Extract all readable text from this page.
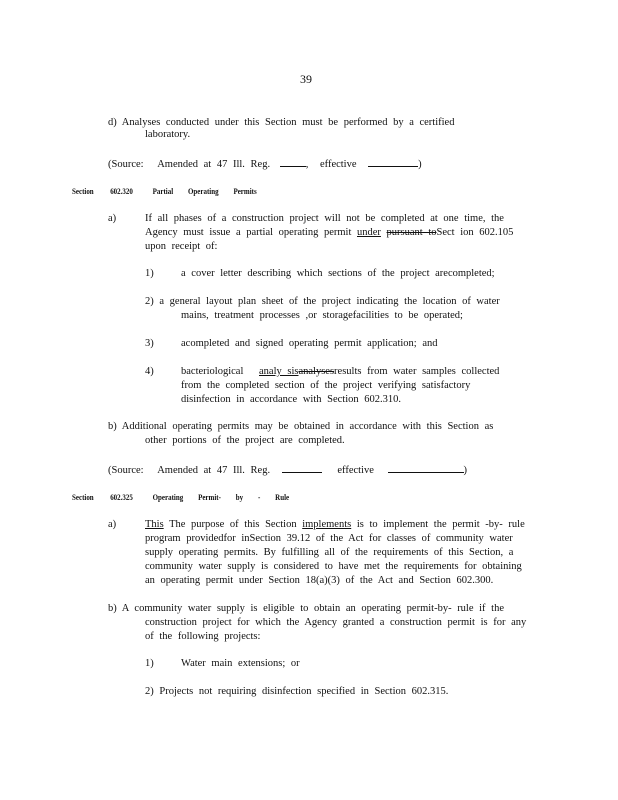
39
d) Analyses conducted under this Section must be performed by a certified
laboratory.
(Source: Amended at 47 Ill. Reg.	, effective	)
Section 602.320 Partial Operating Permits
a)	If all phases of a construction project will not be completed at one time, the
Agency must issue a partial operating permit under pursuant toSect ion 602.105
upon receipt of:
1)	a cover letter describing which sections of the project arecompleted;
2) a general layout plan sheet of the project indicating the location of water
mains, treatment processes ,or storagefacilities to be operated;
3)	acompleted and signed operating permit application; and
4)	bacteriological analy sisanalysesresults from water samples collected
from the completed section of the project verifying satisfactory
disinfection in accordance with Section 602.310.
b) Additional operating permits may be obtained in accordance with this Section as
other portions of the project are completed.
(Source: Amended at 47 Ill. Reg.	effective	)
Section 602.325 Operating Permit- by - Rule
a)	This The purpose of this Section implements is to implement the permit -by- rule
program providedfor inSection 39.12 of the Act for classes of community water
supply operating permits. By fulfilling all of the requirements of this Section, a
community water supply is considered to have met the requirements for obtaining
an operating permit under Section 18(a)(3) of the Act and Section 602.300.
b) A community water supply is eligible to obtain an operating permit-by- rule if the
construction project for which the Agency granted a construction permit is for any
of the following projects:
1)	Water main extensions; or
2) Projects not requiring disinfection specified in Section 602.315.
